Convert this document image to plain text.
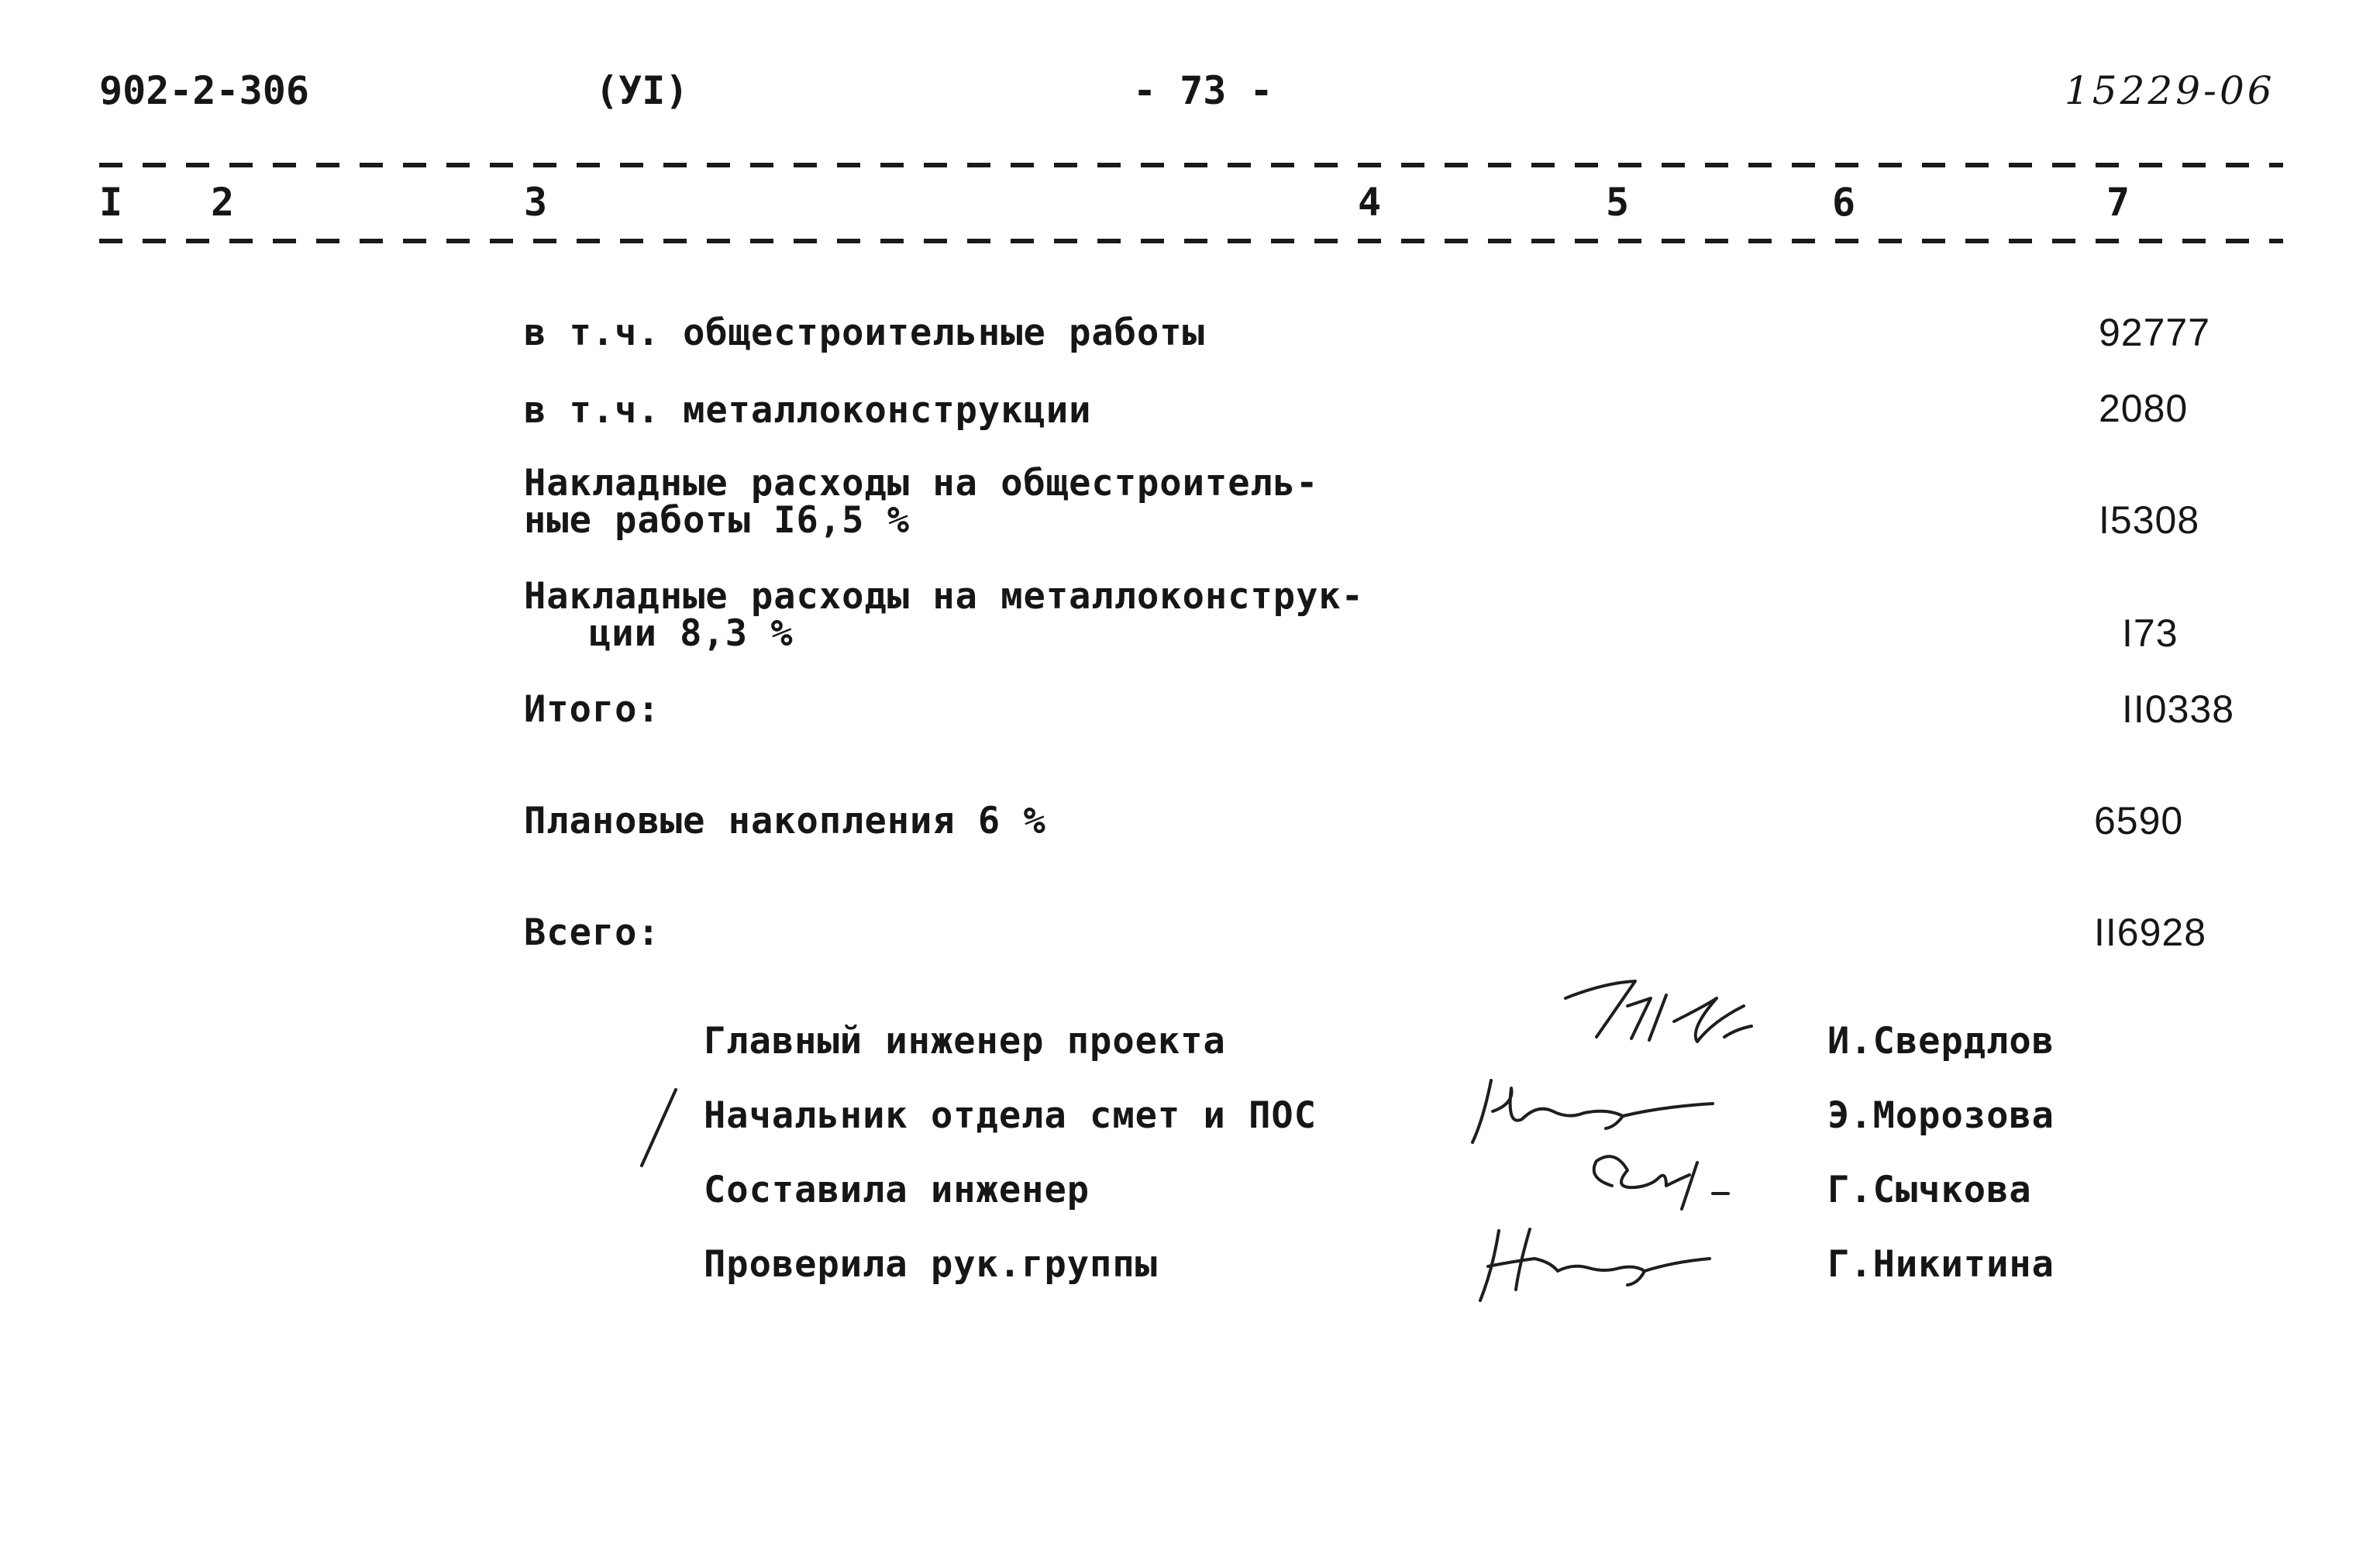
902-2-306	(УI)	- 73 -	15229-06
I 2	3	4	5	6	7
в т.ч. общестроительные работы	92777
в т.ч. металлоконструкции	2080
Накладные расходы на общестроитель-
ные работы I6,5 %	I5308
Накладные расходы на металлоконструк-
ции 8,3 %	I73
Итого:	II0338
Плановые накопления 6 %	6590
Всего:	II6928
Главный инженер проекта	И.Свердлов
Начальник отдела смет и ПОС	Э.Морозова
Составила инженер	Г.Сычкова
Проверила рук.группы	Г.Никитина
